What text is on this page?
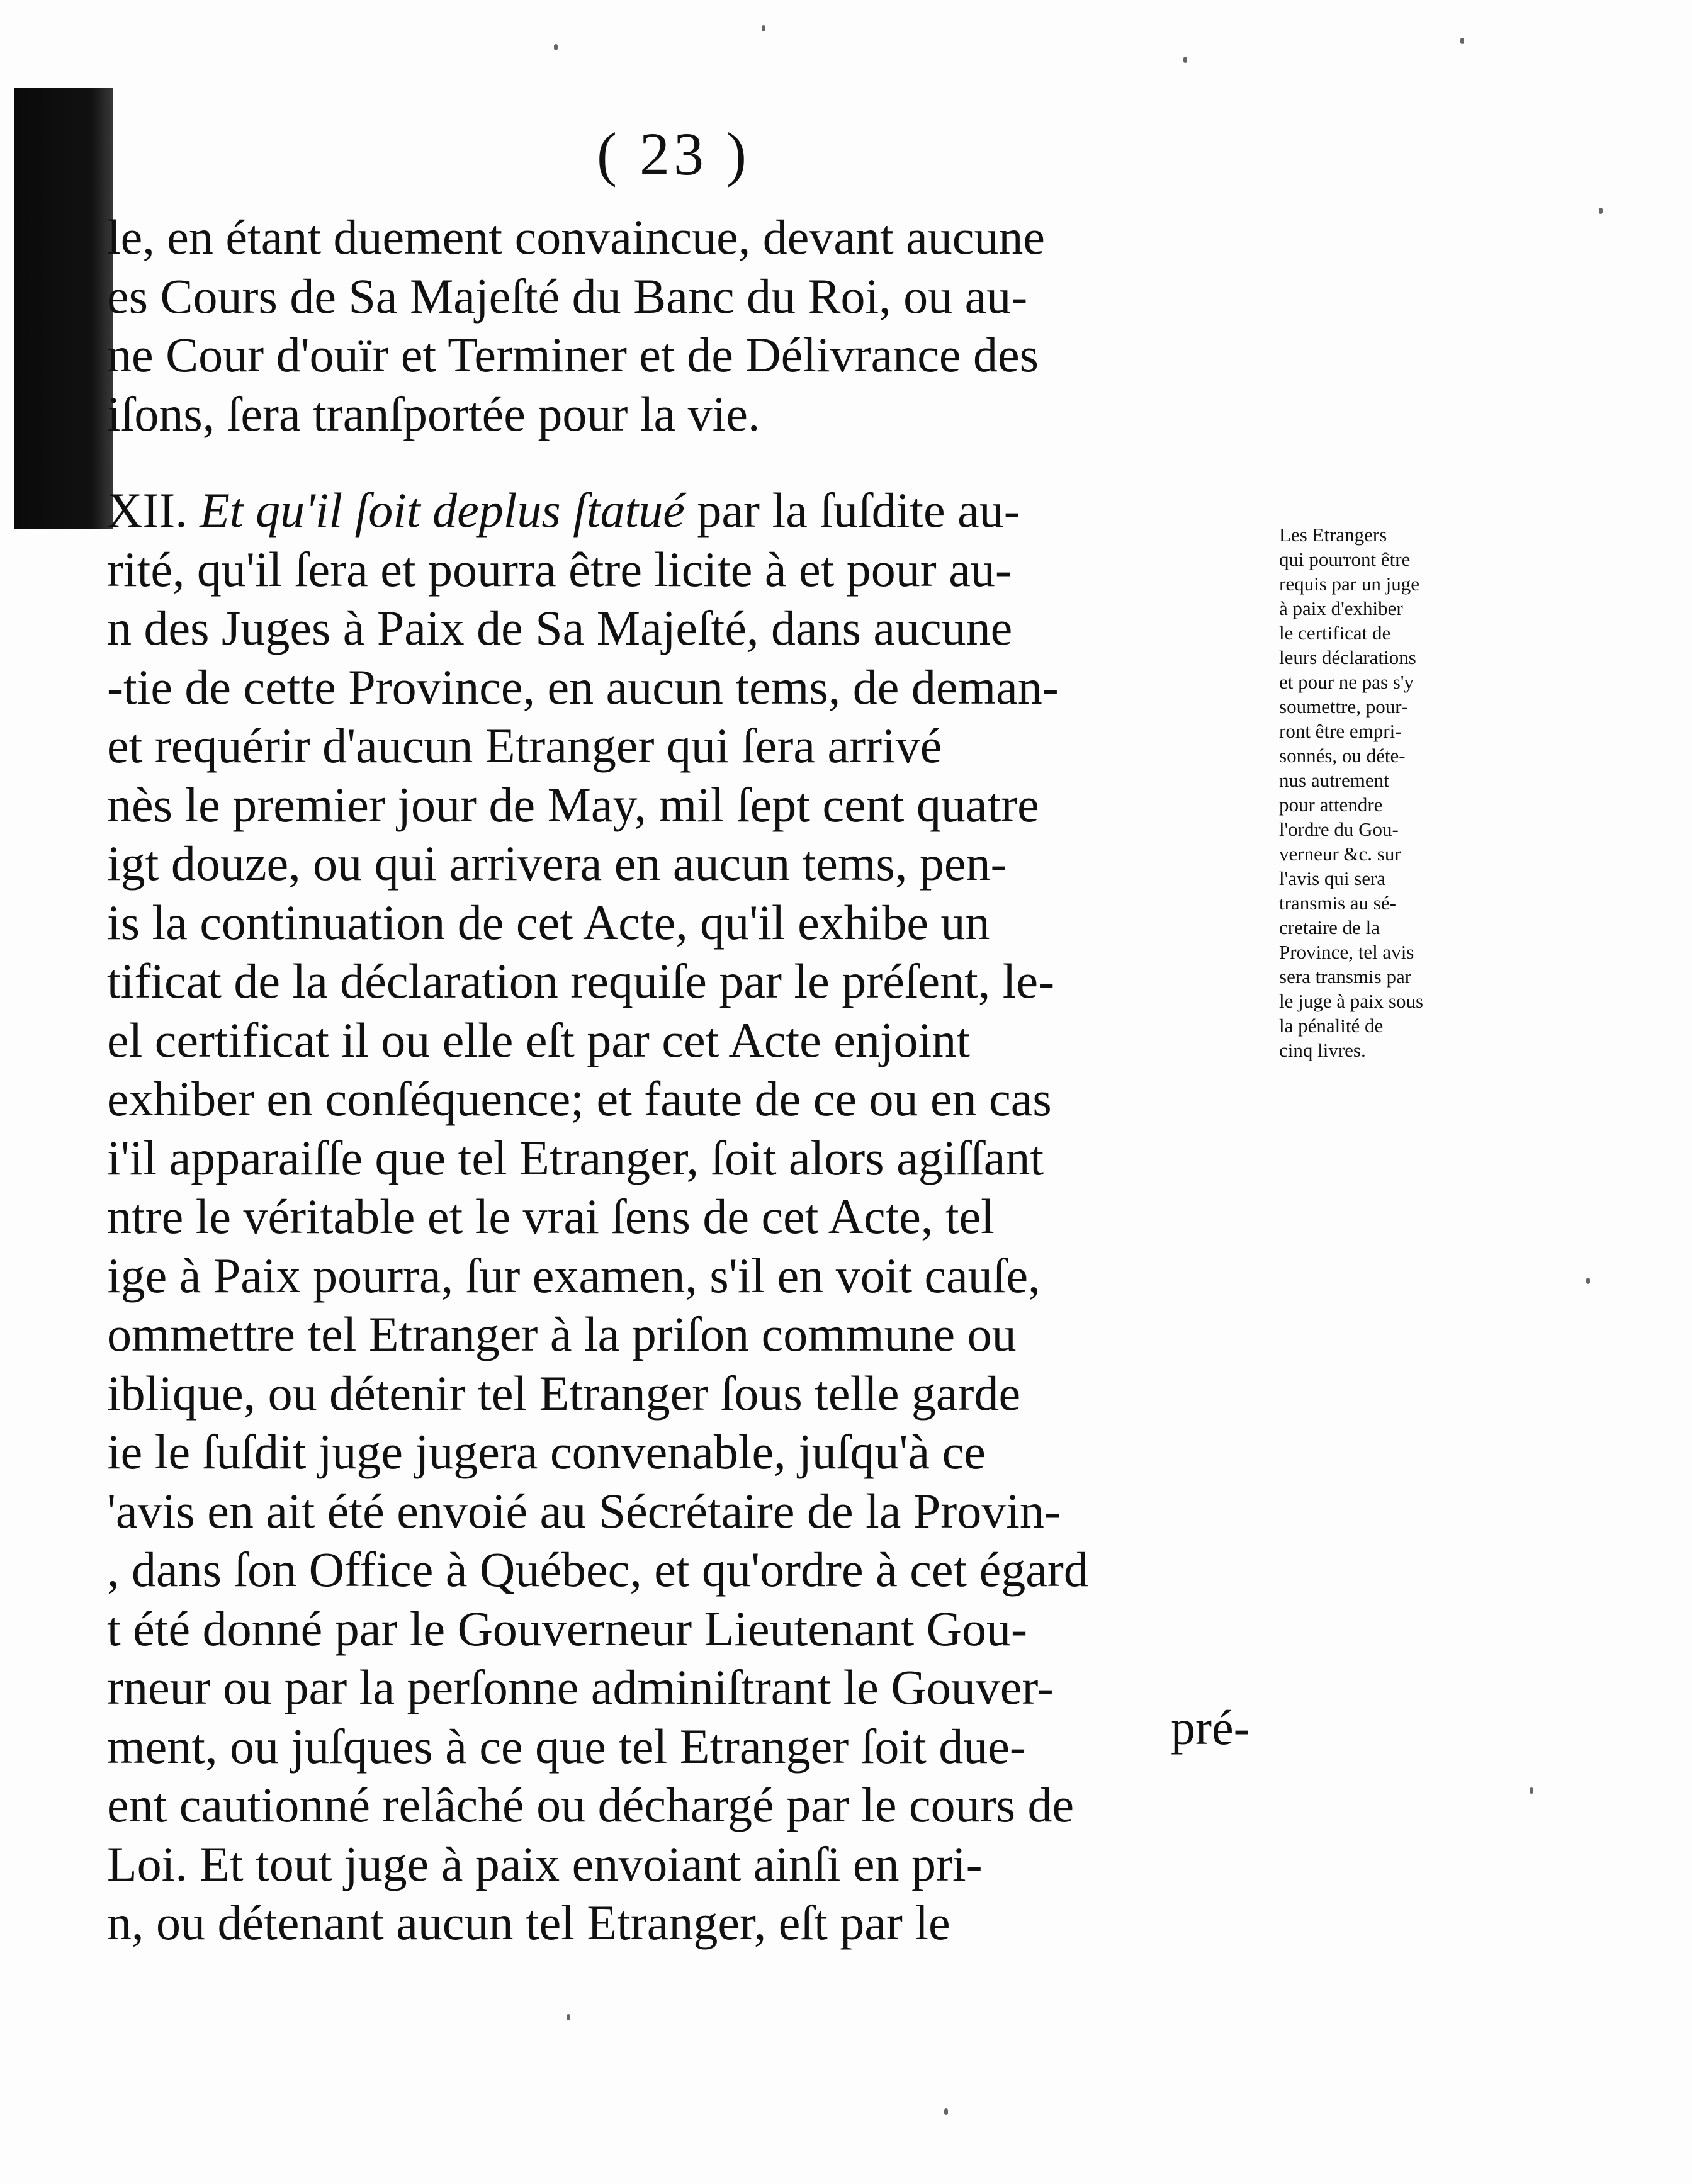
( 23 )
le, en étant duement convaincue, devant aucune
es Cours de Sa Majeſté du Banc du Roi, ou au-
ne Cour d'ouïr et Terminer et de Délivrance des
iſons, ſera tranſportée pour la vie.
XII. Et qu'il ſoit deplus ſtatué par la ſuſdite au-
rité, qu'il ſera et pourra être licite à et pour au-
n des Juges à Paix de Sa Majeſté, dans aucune
-tie de cette Province, en aucun tems, de deman-
et requérir d'aucun Etranger qui ſera arrivé
nès le premier jour de May, mil ſept cent quatre
igt douze, ou qui arrivera en aucun tems, pen-
is la continuation de cet Acte, qu'il exhibe un
tificat de la déclaration requiſe par le préſent, le-
el certificat il ou elle eſt par cet Acte enjoint
exhiber en conſéquence; et faute de ce ou en cas
i'il apparaiſſe que tel Etranger, ſoit alors agiſſant
ntre le véritable et le vrai ſens de cet Acte, tel
ige à Paix pourra, ſur examen, s'il en voit cauſe,
ommettre tel Etranger à la priſon commune ou
iblique, ou détenir tel Etranger ſous telle garde
ie le ſuſdit juge jugera convenable, juſqu'à ce
'avis en ait été envoié au Sécrétaire de la Provin-
, dans ſon Office à Québec, et qu'ordre à cet égard
t été donné par le Gouverneur Lieutenant Gou-
rneur ou par la perſonne adminiſtrant le Gouver-
ment, ou juſques à ce que tel Etranger ſoit due-
ent cautionné relâché ou déchargé par le cours de
Loi. Et tout juge à paix envoiant ainſi en pri-
n, ou détenant aucun tel Etranger, eſt par le
pré-
Les Etrangers
qui pourront être
requis par un juge
à paix d'exhiber
le certificat de
leurs déclarations
et pour ne pas s'y
soumettre, pour-
ront être empri-
sonnés, ou déte-
nus autrement
pour attendre
l'ordre du Gou-
verneur &c. sur
l'avis qui sera
transmis au sé-
cretaire de la
Province, tel avis
sera transmis par
le juge à paix sous
la pénalité de
cinq livres.
